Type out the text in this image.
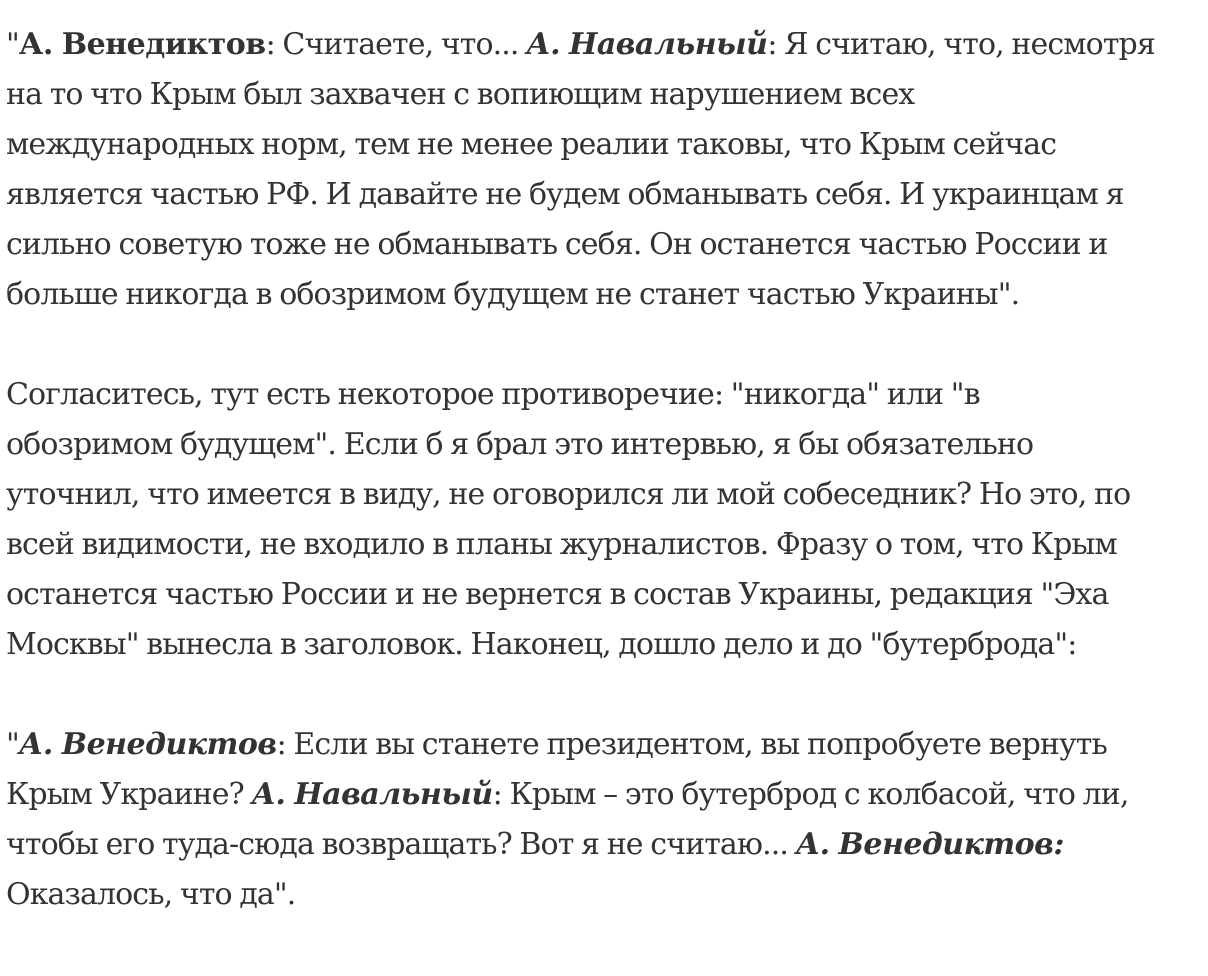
"А. Венедиктов: Считаете, что... А. Навальный: Я считаю, что, несмотря
на то что Крым был захвачен с вопиющим нарушением всех
международных норм, тем не менее реалии таковы, что Крым сейчас
является частью РФ. И давайте не будем обманывать себя. И украинцам я
сильно советую тоже не обманывать себя. Он останется частью России и
больше никогда в обозримом будущем не станет частью Украины".

Согласитесь, тут есть некоторое противоречие: "никогда" или "в
обозримом будущем". Если б я брал это интервью, я бы обязательно
уточнил, что имеется в виду, не оговорился ли мой собеседник? Но это, по
всей видимости, не входило в планы журналистов. Фразу о том, что Крым
останется частью России и не вернется в состав Украины, редакция "Эха
Москвы" вынесла в заголовок. Наконец, дошло дело и до "бутерброда":

"А. Венедиктов: Если вы станете президентом, вы попробуете вернуть
Крым Украине? А. Навальный: Крым – это бутерброд с колбасой, что ли,
чтобы его туда-сюда возвращать? Вот я не считаю... А. Венедиктов:
Оказалось, что да".
